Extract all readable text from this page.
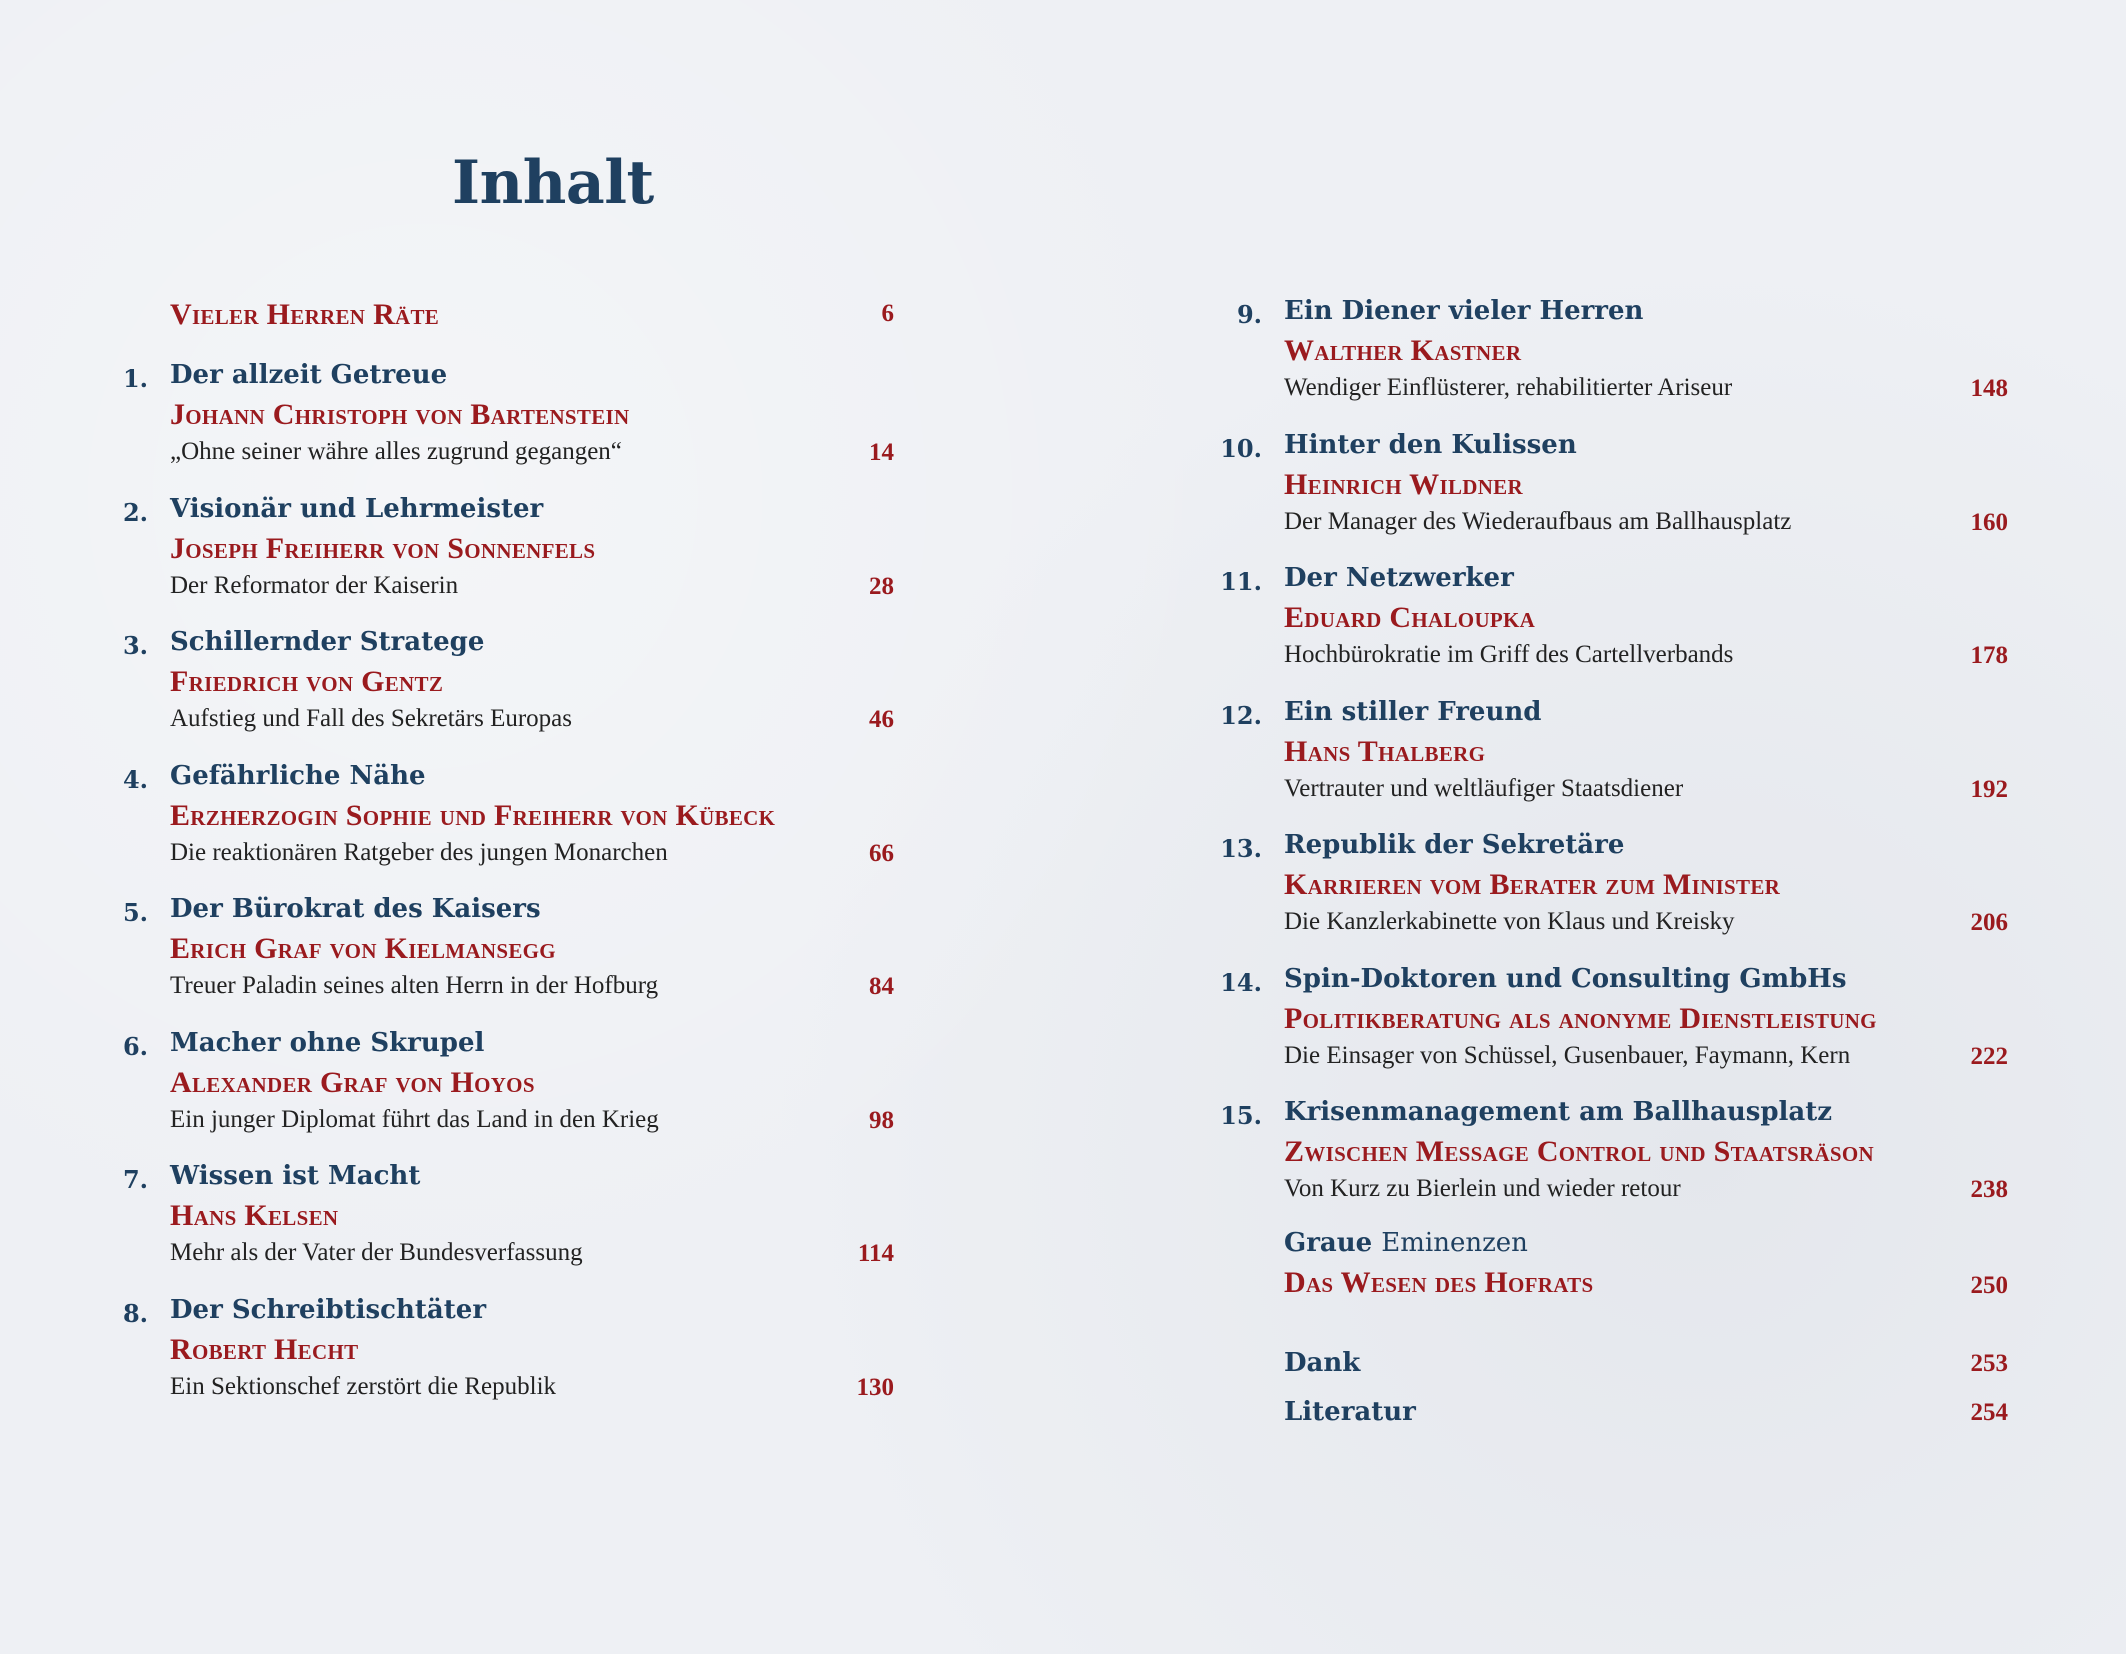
Inhalt
Vieler Herren Räte	6
1. Der allzeit Getreue
Johann Christoph von Bartenstein
„Ohne seiner währe alles zugrund gegangen“	14
2. Visionär und Lehrmeister
Joseph Freiherr von Sonnenfels
Der Reformator der Kaiserin	28
3. Schillernder Stratege
Friedrich von Gentz
Aufstieg und Fall des Sekretärs Europas	46
4. Gefährliche Nähe
Erzherzogin Sophie und Freiherr von Kübeck
Die reaktionären Ratgeber des jungen Monarchen	66
5. Der Bürokrat des Kaisers
Erich Graf von Kielmansegg
Treuer Paladin seines alten Herrn in der Hofburg	84
6. Macher ohne Skrupel
Alexander Graf von Hoyos
Ein junger Diplomat führt das Land in den Krieg	98
7. Wissen ist Macht
Hans Kelsen
Mehr als der Vater der Bundesverfassung	114
8. Der Schreibtischtäter
Robert Hecht
Ein Sektionschef zerstört die Republik	130
9. Ein Diener vieler Herren
Walther Kastner
Wendiger Einflüsterer, rehabilitierter Ariseur	148
10. Hinter den Kulissen
Heinrich Wildner
Der Manager des Wiederaufbaus am Ballhausplatz	160
11. Der Netzwerker
Eduard Chaloupka
Hochbürokratie im Griff des Cartellverbands	178
12. Ein stiller Freund
Hans Thalberg
Vertrauter und weltläufiger Staatsdiener	192
13. Republik der Sekretäre
Karrieren vom Berater zum Minister
Die Kanzlerkabinette von Klaus und Kreisky	206
14. Spin-Doktoren und Consulting GmbHs
Politikberatung als anonyme Dienstleistung
Die Einsager von Schüssel, Gusenbauer, Faymann, Kern	222
15. Krisenmanagement am Ballhausplatz
Zwischen Message Control und Staatsräson
Von Kurz zu Bierlein und wieder retour	238
Graue Eminenzen
Das Wesen des Hofrats	250
Dank	253
Literatur	254
